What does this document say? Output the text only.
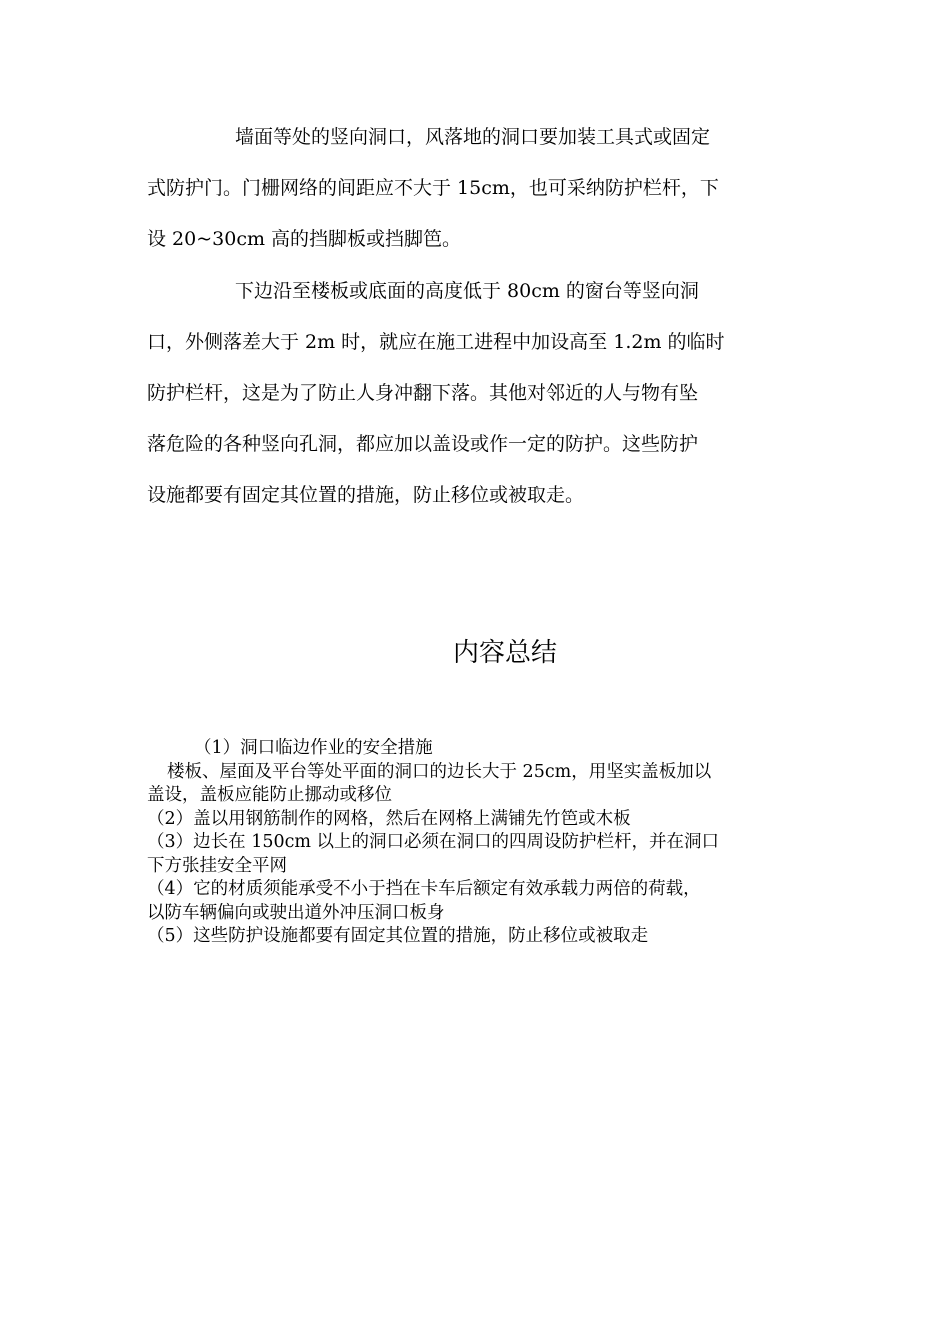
墙面等处的竖向洞口，风落地的洞口要加装工具式或固定
式防护门。门栅网络的间距应不大于 15cm，也可采纳防护栏杆，下
设 20~30cm 高的挡脚板或挡脚笆。

下边沿至楼板或底面的高度低于 80cm 的窗台等竖向洞
口，外侧落差大于 2m 时，就应在施工进程中加设高至 1.2m 的临时
防护栏杆，这是为了防止人身冲翻下落。其他对邻近的人与物有坠
落危险的各种竖向孔洞，都应加以盖设或作一定的防护。这些防护
设施都要有固定其位置的措施，防止移位或被取走。

内容总结
（1）洞口临边作业的安全措施
楼板、屋面及平台等处平面的洞口的边长大于 25cm，用坚实盖板加以
盖设，盖板应能防止挪动或移位
（2）盖以用钢筋制作的网格，然后在网格上满铺先竹笆或木板
（3）边长在 150cm 以上的洞口必须在洞口的四周设防护栏杆，并在洞口
下方张挂安全平网
（4）它的材质须能承受不小于挡在卡车后额定有效承载力两倍的荷载，
以防车辆偏向或驶出道外冲压洞口板身
（5）这些防护设施都要有固定其位置的措施，防止移位或被取走
